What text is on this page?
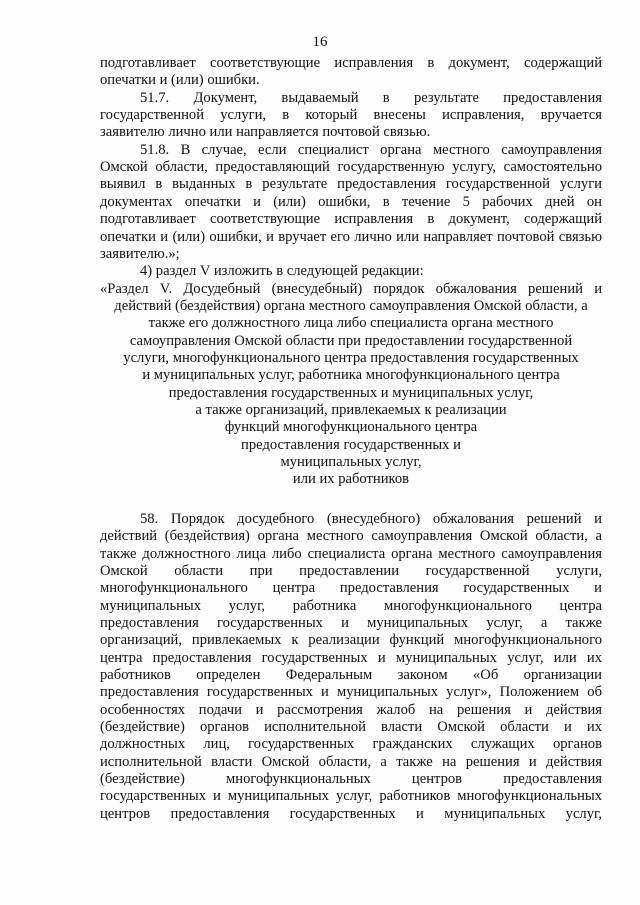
16
подготавливает соответствующие исправления в документ, содержащий
опечатки и (или) ошибки.
51.7. Документ, выдаваемый в результате предоставления
государственной услуги, в который внесены исправления, вручается
заявителю лично или направляется почтовой связью.
51.8. В случае, если специалист органа местного самоуправления
Омской области, предоставляющий государственную услугу, самостоятельно
выявил в выданных в результате предоставления государственной услуги
документах опечатки и (или) ошибки, в течение 5 рабочих дней он
подготавливает соответствующие исправления в документ, содержащий
опечатки и (или) ошибки, и вручает его лично или направляет почтовой связью
заявителю.»;
4) раздел V изложить в следующей редакции:
«Раздел V. Досудебный (внесудебный) порядок обжалования решений и
действий (бездействия) органа местного самоуправления Омской области, а
также его должностного лица либо специалиста органа местного
самоуправления Омской области при предоставлении государственной
услуги, многофункционального центра предоставления государственных
и муниципальных услуг, работника многофункционального центра
предоставления государственных и муниципальных услуг,
а также организаций, привлекаемых к реализации
функций многофункционального центра
предоставления государственных и
муниципальных услуг,
или их работников
58. Порядок досудебного (внесудебного) обжалования решений и
действий (бездействия) органа местного самоуправления Омской области, а
также должностного лица либо специалиста органа местного самоуправления
Омской области при предоставлении государственной услуги,
многофункционального центра предоставления государственных и
муниципальных услуг, работника многофункционального центра
предоставления государственных и муниципальных услуг, а также
организаций, привлекаемых к реализации функций многофункционального
центра предоставления государственных и муниципальных услуг, или их
работников определен Федеральным законом «Об организации
предоставления государственных и муниципальных услуг», Положением об
особенностях подачи и рассмотрения жалоб на решения и действия
(бездействие) органов исполнительной власти Омской области и их
должностных лиц, государственных гражданских служащих органов
исполнительной власти Омской области, а также на решения и действия
(бездействие) многофункциональных центров предоставления
государственных и муниципальных услуг, работников многофункциональных
центров предоставления государственных и муниципальных услуг,
